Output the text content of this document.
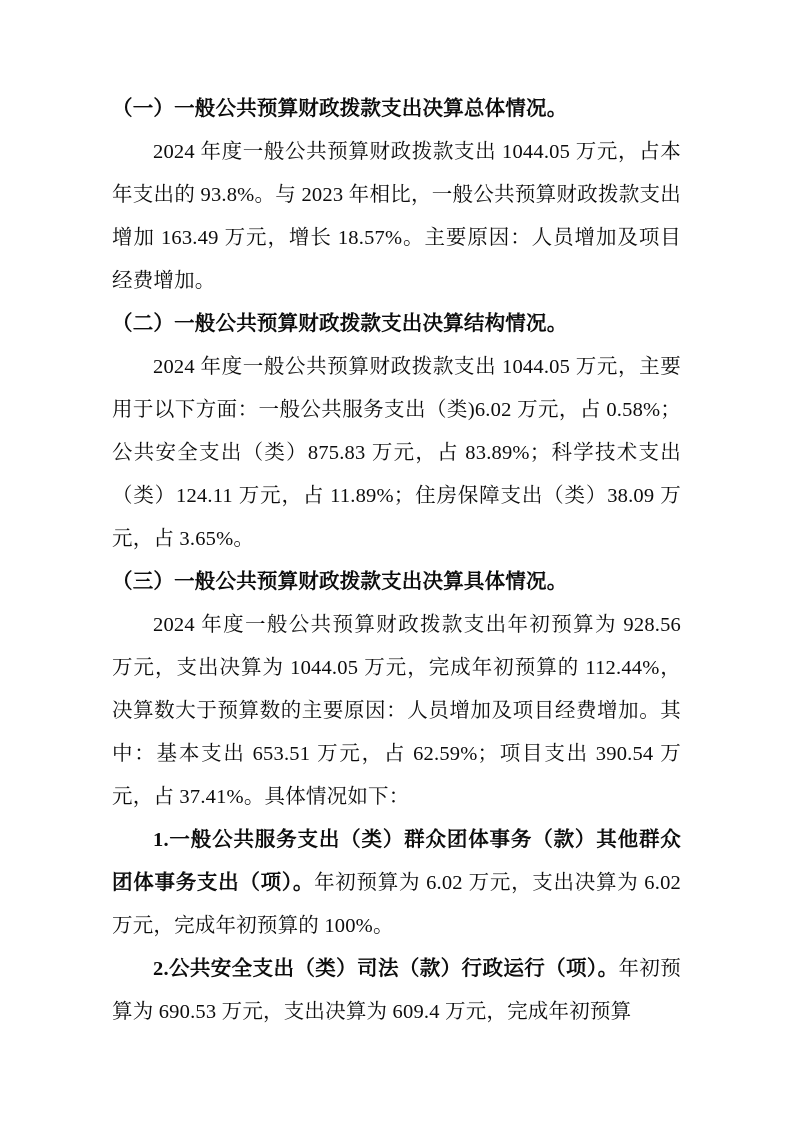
（一）一般公共预算财政拨款支出决算总体情况。

2024 年度一般公共预算财政拨款支出 1044.05 万元，占本年支出的 93.8%。与 2023 年相比，一般公共预算财政拨款支出增加 163.49 万元，增长 18.57%。主要原因：人员增加及项目经费增加。

（二）一般公共预算财政拨款支出决算结构情况。

2024 年度一般公共预算财政拨款支出 1044.05 万元，主要用于以下方面：一般公共服务支出（类)6.02 万元，占 0.58%；公共安全支出（类）875.83 万元，占 83.89%；科学技术支出（类）124.11 万元，占 11.89%；住房保障支出（类）38.09 万元，占 3.65%。

（三）一般公共预算财政拨款支出决算具体情况。

2024 年度一般公共预算财政拨款支出年初预算为 928.56 万元，支出决算为 1044.05 万元，完成年初预算的 112.44%，决算数大于预算数的主要原因：人员增加及项目经费增加。其中：基本支出 653.51 万元，占 62.59%；项目支出 390.54 万元，占 37.41%。具体情况如下：

1.一般公共服务支出（类）群众团体事务（款）其他群众团体事务支出（项）。年初预算为 6.02 万元，支出决算为 6.02 万元，完成年初预算的 100%。

2.公共安全支出（类）司法（款）行政运行（项）。年初预算为 690.53 万元，支出决算为 609.4 万元，完成年初预算
